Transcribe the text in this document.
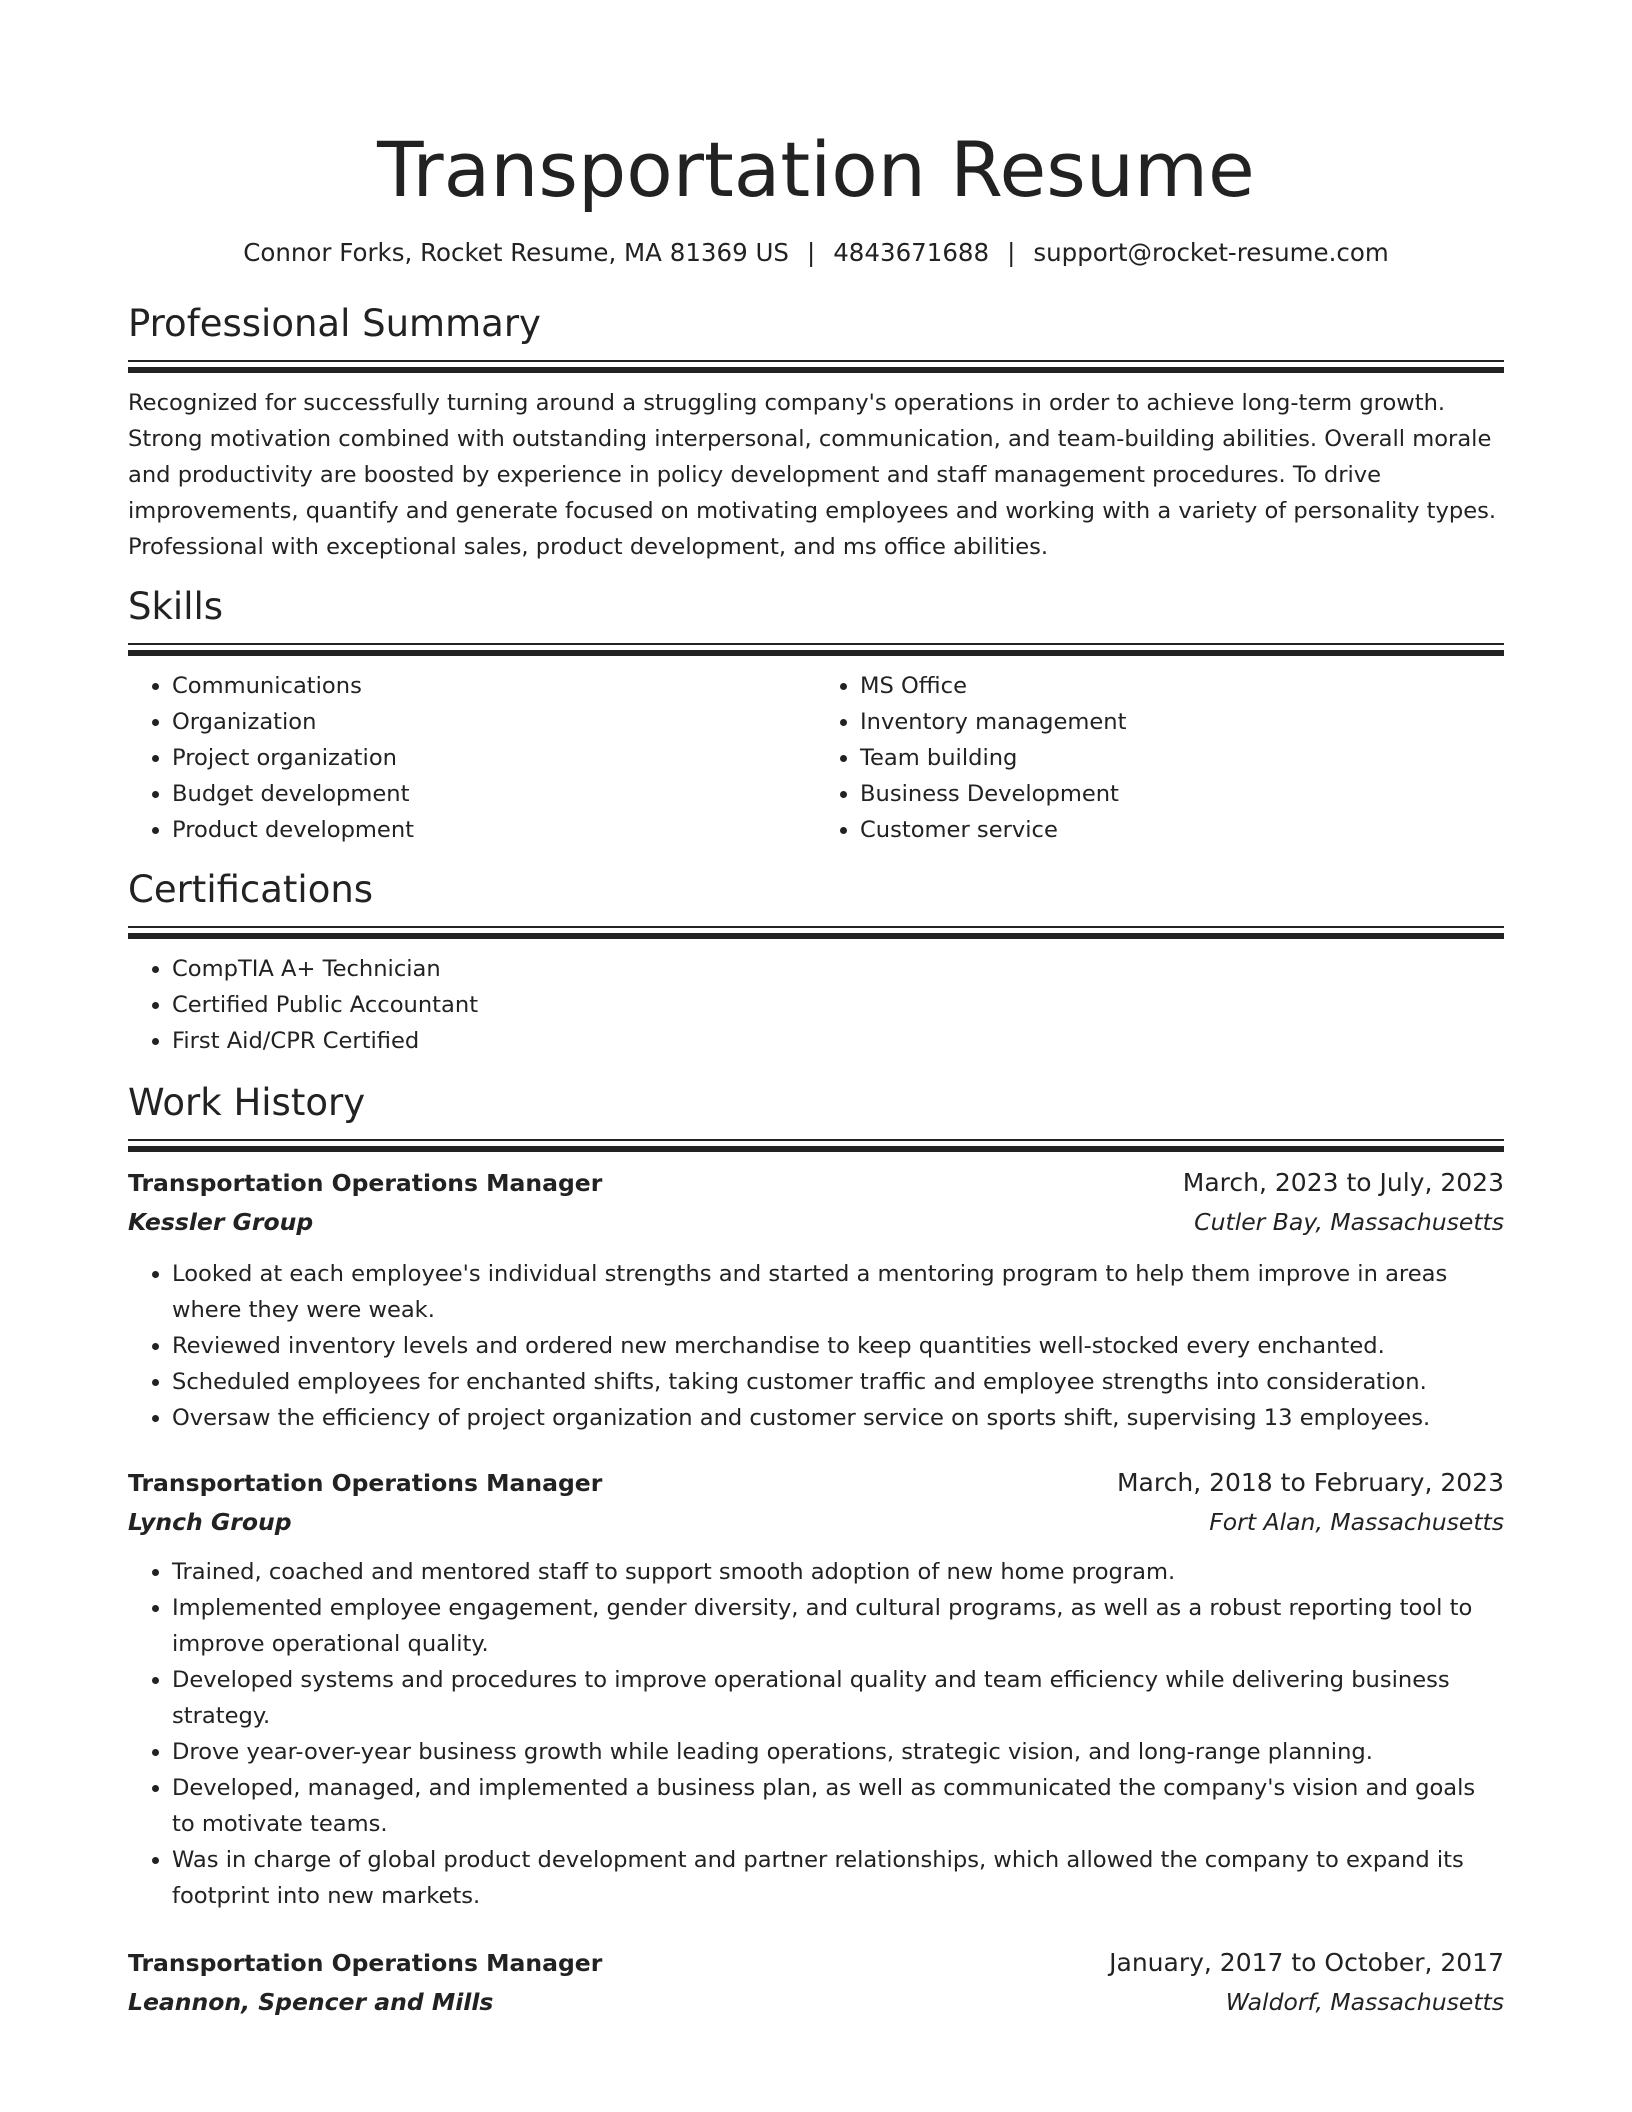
Transportation Resume
Connor Forks, Rocket Resume, MA 81369 US | 4843671688 | support@rocket-resume.com
Professional Summary

Recognized for successfully turning around a struggling company's operations in order to achieve long-term growth. Strong motivation combined with outstanding interpersonal, communication, and team-building abilities. Overall morale and productivity are boosted by experience in policy development and staff management procedures. To drive improvements, quantify and generate focused on motivating employees and working with a variety of personality types. Professional with exceptional sales, product development, and ms office abilities.

Skills
• Communications
• Organization
• Project organization
• Budget development
• Product development
• MS Office
• Inventory management
• Team building
• Business Development
• Customer service
Certifications
• CompTIA A+ Technician
• Certified Public Accountant
• First Aid/CPR Certified
Work History
Transportation Operations Manager	March, 2023 to July, 2023
Kessler Group	Cutler Bay, Massachusetts
• Looked at each employee's individual strengths and started a mentoring program to help them improve in areas where they were weak.
• Reviewed inventory levels and ordered new merchandise to keep quantities well-stocked every enchanted.
• Scheduled employees for enchanted shifts, taking customer traffic and employee strengths into consideration.
• Oversaw the efficiency of project organization and customer service on sports shift, supervising 13 employees.
Transportation Operations Manager	March, 2018 to February, 2023
Lynch Group	Fort Alan, Massachusetts
• Trained, coached and mentored staff to support smooth adoption of new home program.
• Implemented employee engagement, gender diversity, and cultural programs, as well as a robust reporting tool to improve operational quality.
• Developed systems and procedures to improve operational quality and team efficiency while delivering business strategy.
• Drove year-over-year business growth while leading operations, strategic vision, and long-range planning.
• Developed, managed, and implemented a business plan, as well as communicated the company's vision and goals to motivate teams.
• Was in charge of global product development and partner relationships, which allowed the company to expand its footprint into new markets.
Transportation Operations Manager	January, 2017 to October, 2017
Leannon, Spencer and Mills	Waldorf, Massachusetts
